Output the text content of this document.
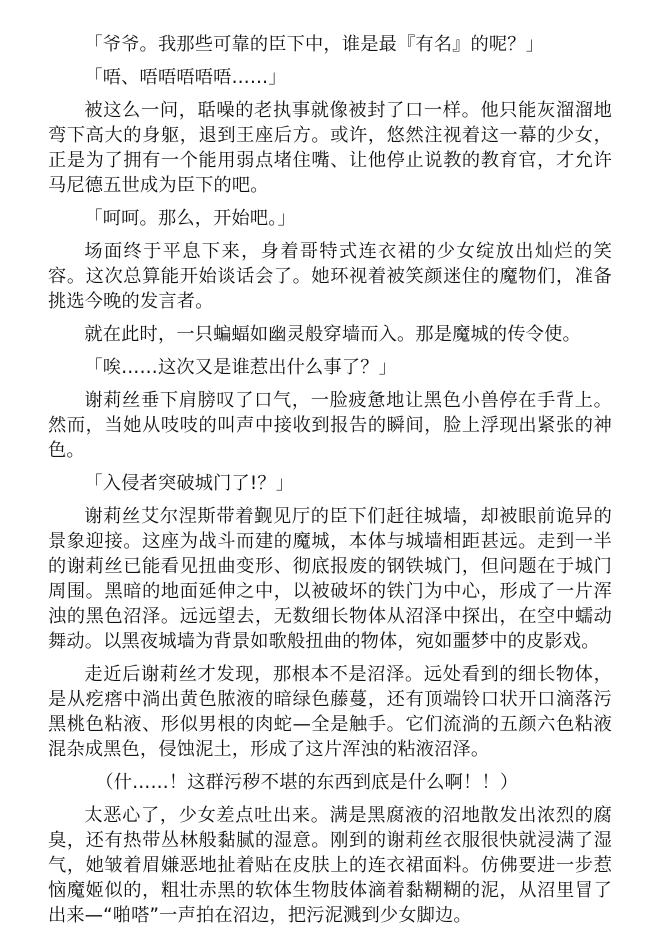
「爷爷。我那些可靠的臣下中，谁是最『有名』的呢？」

「唔、唔唔唔唔唔……」

被这么一问，聒噪的老执事就像被封了口一样。他只能灰溜溜地弯下高大的身躯，退到王座后方。或许，悠然注视着这一幕的少女，正是为了拥有一个能用弱点堵住嘴、让他停止说教的教育官，才允许马尼德五世成为臣下的吧。

「呵呵。那么，开始吧。」

场面终于平息下来，身着哥特式连衣裙的少女绽放出灿烂的笑容。这次总算能开始谈话会了。她环视着被笑颜迷住的魔物们，准备挑选今晚的发言者。

就在此时，一只蝙蝠如幽灵般穿墙而入。那是魔城的传令使。

「唉……这次又是谁惹出什么事了？」

谢莉丝垂下肩膀叹了口气，一脸疲惫地让黑色小兽停在手背上。然而，当她从吱吱的叫声中接收到报告的瞬间，脸上浮现出紧张的神色。

「入侵者突破城门了!？」

谢莉丝艾尔涅斯带着觐见厅的臣下们赶往城墙，却被眼前诡异的景象迎接。这座为战斗而建的魔城，本体与城墙相距甚远。走到一半的谢莉丝已能看见扭曲变形、彻底报废的钢铁城门，但问题在于城门周围。黑暗的地面延伸之中，以被破坏的铁门为中心，形成了一片浑浊的黑色沼泽。远远望去，无数细长物体从沼泽中探出，在空中蠕动舞动。以黑夜城墙为背景如歌般扭曲的物体，宛如噩梦中的皮影戏。

走近后谢莉丝才发现，那根本不是沼泽。远处看到的细长物体，是从疙瘩中淌出黄色脓液的暗绿色藤蔓，还有顶端铃口状开口滴落污黑桃色粘液、形似男根的肉蛇—全是触手。它们流淌的五颜六色粘液混杂成黑色，侵蚀泥土，形成了这片浑浊的粘液沼泽。

（什……！这群污秽不堪的东西到底是什么啊！！）

太恶心了，少女差点吐出来。满是黑腐液的沼地散发出浓烈的腐臭，还有热带丛林般黏腻的湿意。刚到的谢莉丝衣服很快就浸满了湿气，她皱着眉嫌恶地扯着贴在皮肤上的连衣裙面料。仿佛要进一步惹恼魔姬似的，粗壮赤黑的软体生物肢体滴着黏糊糊的泥，从沼里冒了出来—“啪嗒”一声拍在沼边，把污泥溅到少女脚边。
